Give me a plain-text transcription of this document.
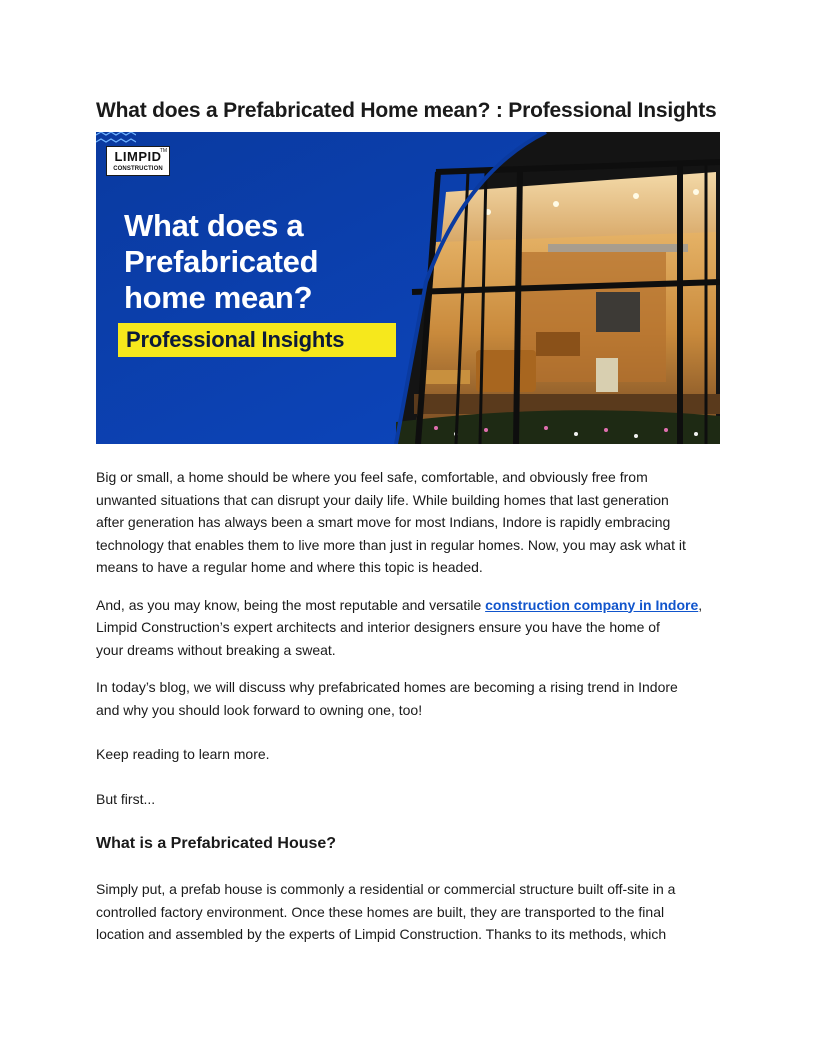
What does a Prefabricated Home mean? : Professional Insights
LIMPID
CONSTRUCTION
TM
What does a
Prefabricated
home mean?
Professional Insights

Big or small, a home should be where you feel safe, comfortable, and obviously free from
unwanted situations that can disrupt your daily life. While building homes that last generation
after generation has always been a smart move for most Indians, Indore is rapidly embracing
technology that enables them to live more than just in regular homes. Now, you may ask what it
means to have a regular home and where this topic is headed.

And, as you may know, being the most reputable and versatile construction company in Indore,
Limpid Construction’s expert architects and interior designers ensure you have the home of
your dreams without breaking a sweat.

In today’s blog, we will discuss why prefabricated homes are becoming a rising trend in Indore
and why you should look forward to owning one, too!

Keep reading to learn more.

But first...

What is a Prefabricated House?

Simply put, a prefab house is commonly a residential or commercial structure built off-site in a
controlled factory environment. Once these homes are built, they are transported to the final
location and assembled by the experts of Limpid Construction. Thanks to its methods, which
